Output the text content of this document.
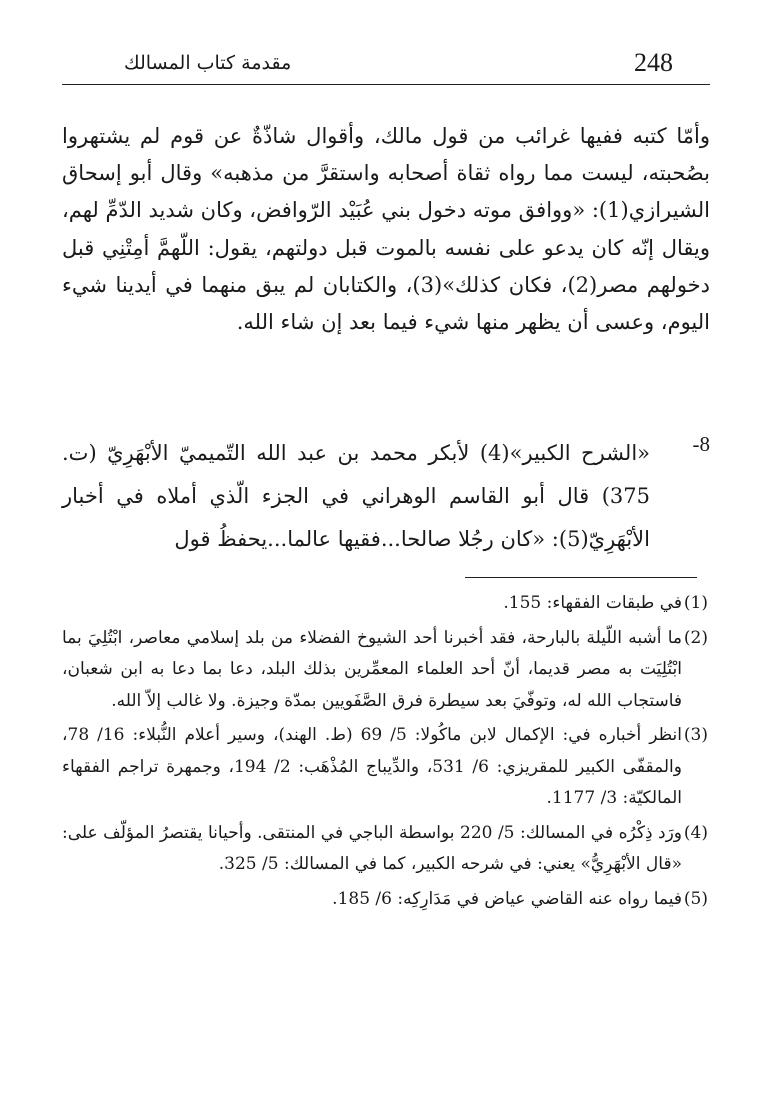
248
مقدمة كتاب المسالك

وأمّا كتبه ففيها غرائب من قول مالك، وأقوال شاذّةٌ عن قوم لم يشتهروا بصُحبته، ليست مما رواه ثقاة أصحابه واستقرَّ من مذهبه» وقال أبو إسحاق الشيرازي(1): «ووافق موته دخول بني عُبَيْد الرّوافض، وكان شديد الدّمِّ لهم، ويقال إنّه كان يدعو على نفسه بالموت قبل دولتهم، يقول: اللّهمَّ أمِتْنِي قبل دخولهم مصر(2)، فكان كذلك»(3)، والكتابان لم يبق منهما في أيدينا شيء اليوم، وعسى أن يظهر منها شيء فيما بعد إن شاء الله.

-8
«الشرح الكبير»(4) لأبكر محمد بن عبد الله التّميميّ الأبْهَرِيّ (ت. 375) قال أبو القاسم الوهراني في الجزء الّذي أملاه في أخبار الأبْهَرِيّ(5): «كان رجُلا صالحا...فقيها عالما...يحفظُ قول
(1)
في طبقات الفقهاء: 155.
(2)
ما أشبه اللّيلة بالبارحة، فقد أخبرنا أحد الشيوخ الفضلاء من بلد إسلامي معاصر، ابْتُلِيَ بما ابْتُلِيَت به مصر قديما، أنّ أحد العلماء المعمِّرين بذلك البلد، دعا بما دعا به ابن شعبان، فاستجاب الله له، وتوفّيَ بعد سيطرة فرق الصَّفَويين بمدّة وجيزة. ولا غالب إلاّ الله.
(3)
انظر أخباره في: الإكمال لابن ماكُولا: 5/ 69 (ط. الهند)، وسير أعلام النُّبلاء: 16/ 78، والمقفّى الكبير للمقريزي: 6/ 531، والدِّيباج المُذْهَب: 2/ 194، وجمهرة تراجم الفقهاء المالكيّة: 3/ 1177.
(4)
ورَد ذِكْرُه في المسالك: 5/ 220 بواسطة الباجي في المنتقى. وأحيانا يقتصرُ المؤلّف على: «قال الأبْهَرِيُّ» يعني: في شرحه الكبير، كما في المسالك: 5/ 325.
(5)
فيما رواه عنه القاضي عياض في مَدَارِكِه: 6/ 185.
